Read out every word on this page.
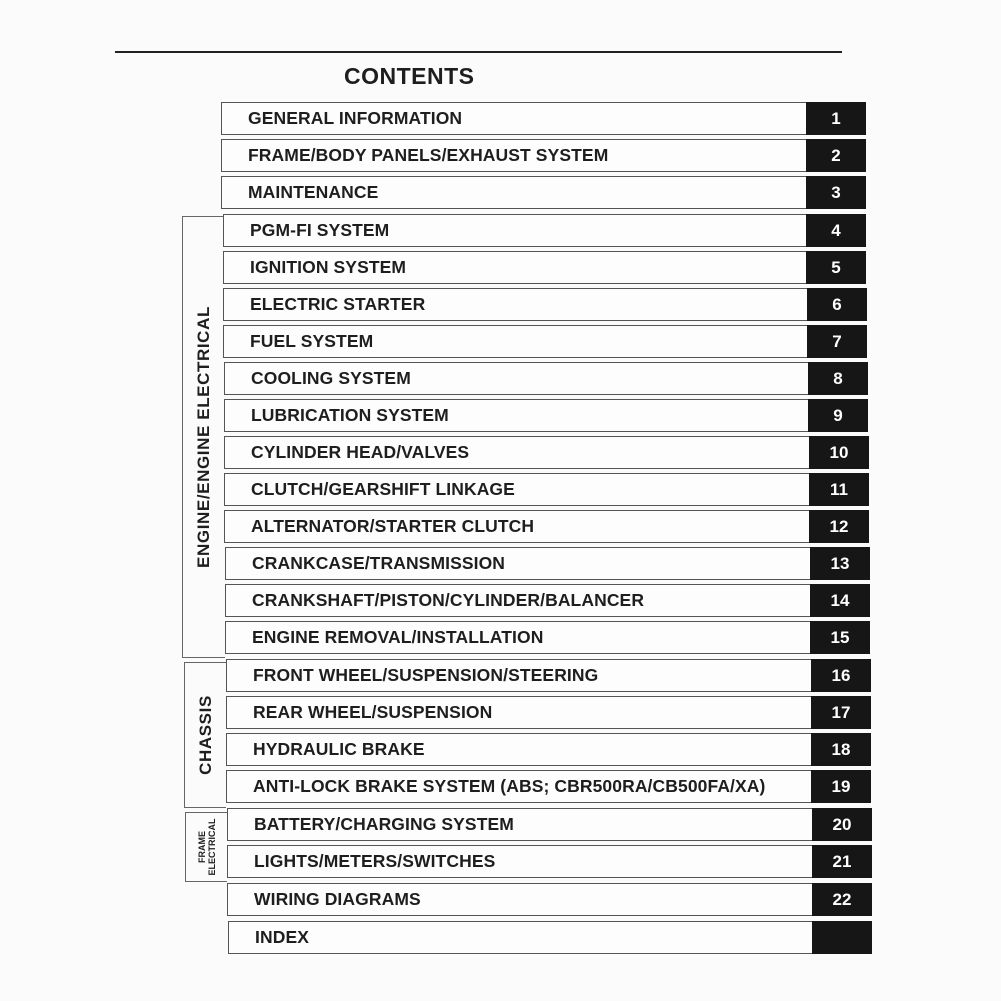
CONTENTS
ENGINE/ENGINE ELECTRICAL
CHASSIS
FRAME
ELECTRICAL
GENERAL INFORMATION	1
FRAME/BODY PANELS/EXHAUST SYSTEM	2
MAINTENANCE	3
PGM-FI SYSTEM	4
IGNITION SYSTEM	5
ELECTRIC STARTER	6
FUEL SYSTEM	7
COOLING SYSTEM	8
LUBRICATION SYSTEM	9
CYLINDER HEAD/VALVES	10
CLUTCH/GEARSHIFT LINKAGE	11
ALTERNATOR/STARTER CLUTCH	12
CRANKCASE/TRANSMISSION	13
CRANKSHAFT/PISTON/CYLINDER/BALANCER	14
ENGINE REMOVAL/INSTALLATION	15
FRONT WHEEL/SUSPENSION/STEERING	16
REAR WHEEL/SUSPENSION	17
HYDRAULIC BRAKE	18
ANTI-LOCK BRAKE SYSTEM (ABS; CBR500RA/CB500FA/XA)	19
BATTERY/CHARGING SYSTEM	20
LIGHTS/METERS/SWITCHES	21
WIRING DIAGRAMS	22
INDEX
